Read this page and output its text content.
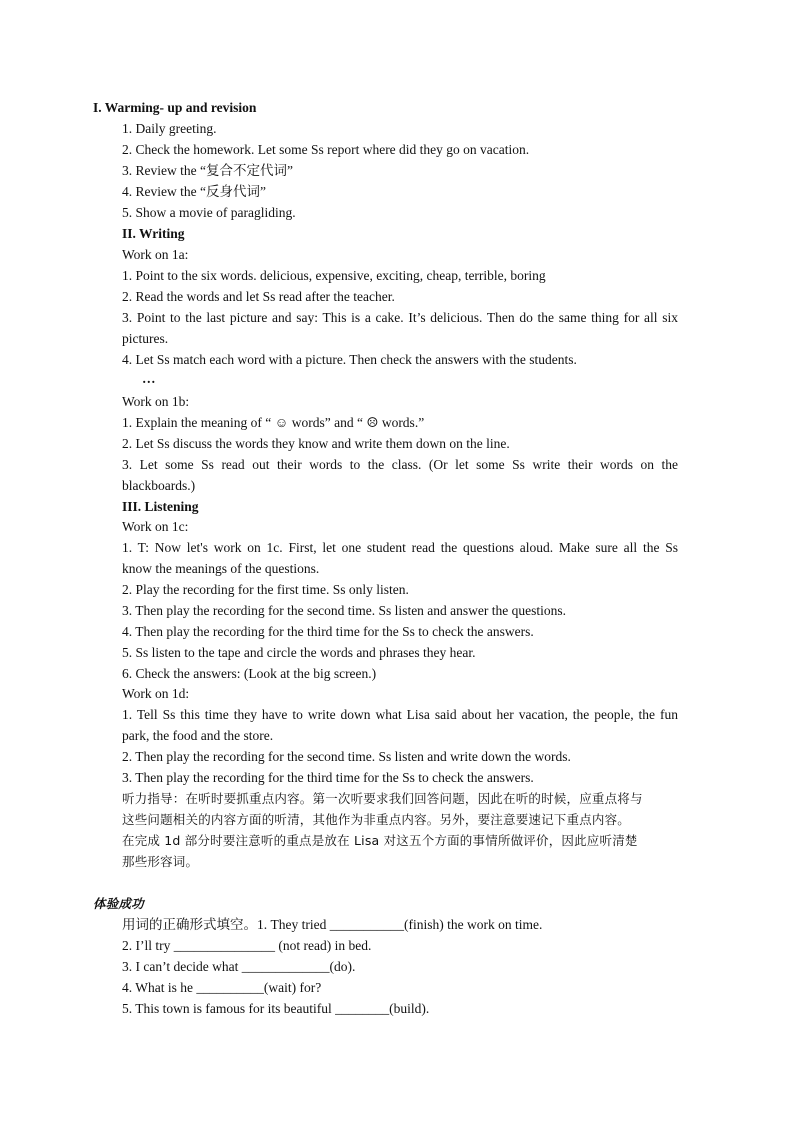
I. Warming- up and revision
1. Daily greeting.
2. Check the homework. Let some Ss report where did they go on vacation.
3. Review the “复合不定代词”
4. Review the “反身代词”
5. Show a movie of paragliding.
II. Writing
Work on 1a:
1. Point to the six words. delicious, expensive, exciting, cheap, terrible, boring
2. Read the words and let Ss read after the teacher.
3. Point to the last picture and say: This is a cake. It’s delicious. Then do the same thing for all six
pictures.
4. Let Ss match each word with a picture. Then check the answers with the students.
…
Work on 1b:
1. Explain the meaning of “ ☺ words” and “ ☹ words.”
2. Let Ss discuss the words they know and write them down on the line.
3. Let some Ss read out their words to the class. (Or let some Ss write their words on the
blackboards.)
III. Listening
Work on 1c:
1. T: Now let's work on 1c. First, let one student read the questions aloud. Make sure all the Ss
know the meanings of the questions.
2. Play the recording for the first time. Ss only listen.
3. Then play the recording for the second time. Ss listen and answer the questions.
4. Then play the recording for the third time for the Ss to check the answers.
5. Ss listen to the tape and circle the words and phrases they hear.
6. Check the answers: (Look at the big screen.)
Work on 1d:
1. Tell Ss this time they have to write down what Lisa said about her vacation, the people, the fun
park, the food and the store.
2. Then play the recording for the second time. Ss listen and write down the words.
3. Then play the recording for the third time for the Ss to check the answers.
听力指导：在听时要抓重点内容。第一次听要求我们回答问题，因此在听的时候，应重点将与
这些问题相关的内容方面的听清，其他作为非重点内容。另外，要注意要速记下重点内容。
在完成 1d 部分时要注意听的重点是放在 Lisa 对这五个方面的事情所做评价，因此应听清楚
那些形容词。
体验成功
用词的正确形式填空。1. They tried ___________(finish) the work on time.
2. I’ll try _______________ (not read) in bed.
3. I can’t decide what _____________(do).
4. What is he __________(wait) for?
5. This town is famous for its beautiful ________(build).
